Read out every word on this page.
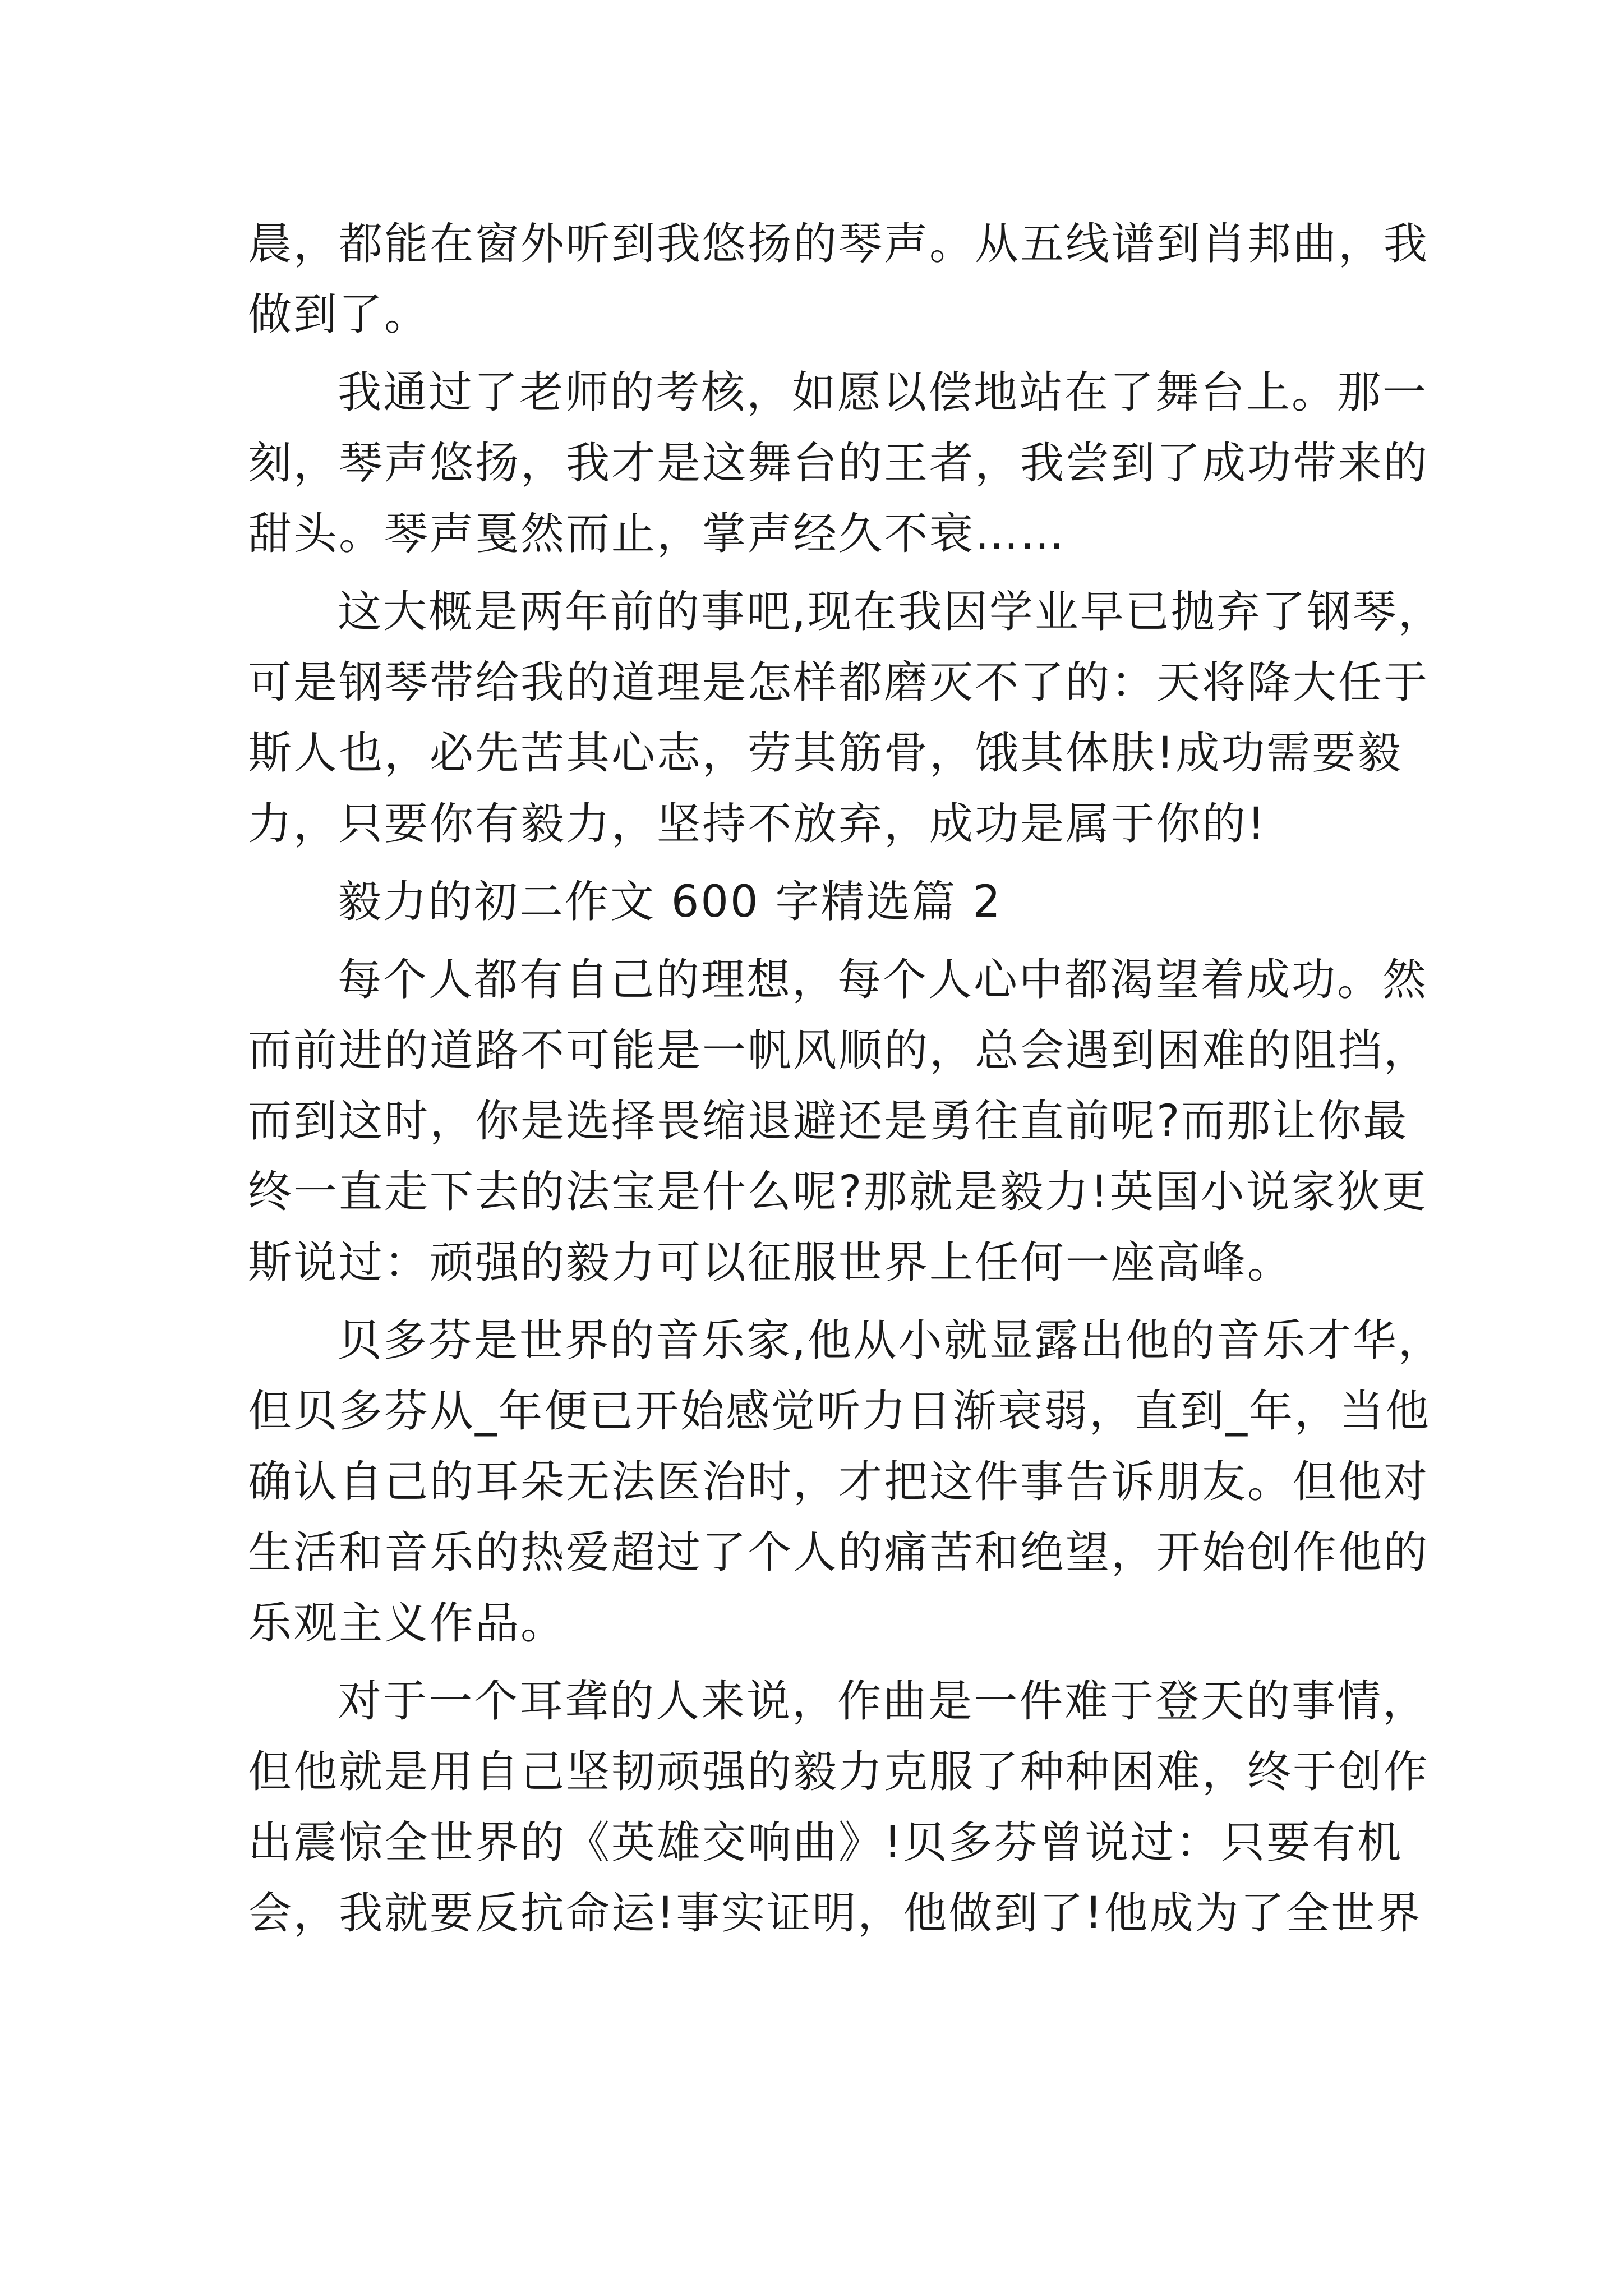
晨，都能在窗外听到我悠扬的琴声。从五线谱到肖邦曲，我

做到了。

我通过了老师的考核，如愿以偿地站在了舞台上。那一

刻，琴声悠扬，我才是这舞台的王者，我尝到了成功带来的

甜头。琴声戛然而止，掌声经久不衰……

这大概是两年前的事吧,现在我因学业早已抛弃了钢琴，

可是钢琴带给我的道理是怎样都磨灭不了的：天将降大任于

斯人也，必先苦其心志，劳其筋骨，饿其体肤!成功需要毅

力，只要你有毅力，坚持不放弃，成功是属于你的!

毅力的初二作文 600 字精选篇 2

每个人都有自己的理想，每个人心中都渴望着成功。然

而前进的道路不可能是一帆风顺的，总会遇到困难的阻挡，

而到这时，你是选择畏缩退避还是勇往直前呢?而那让你最

终一直走下去的法宝是什么呢?那就是毅力!英国小说家狄更

斯说过：顽强的毅力可以征服世界上任何一座高峰。

贝多芬是世界的音乐家,他从小就显露出他的音乐才华，

但贝多芬从_年便已开始感觉听力日渐衰弱，直到_年，当他

确认自己的耳朵无法医治时，才把这件事告诉朋友。但他对

生活和音乐的热爱超过了个人的痛苦和绝望，开始创作他的

乐观主义作品。

对于一个耳聋的人来说，作曲是一件难于登天的事情，

但他就是用自己坚韧顽强的毅力克服了种种困难，终于创作

出震惊全世界的《英雄交响曲》!贝多芬曾说过：只要有机

会，我就要反抗命运!事实证明，他做到了!他成为了全世界
